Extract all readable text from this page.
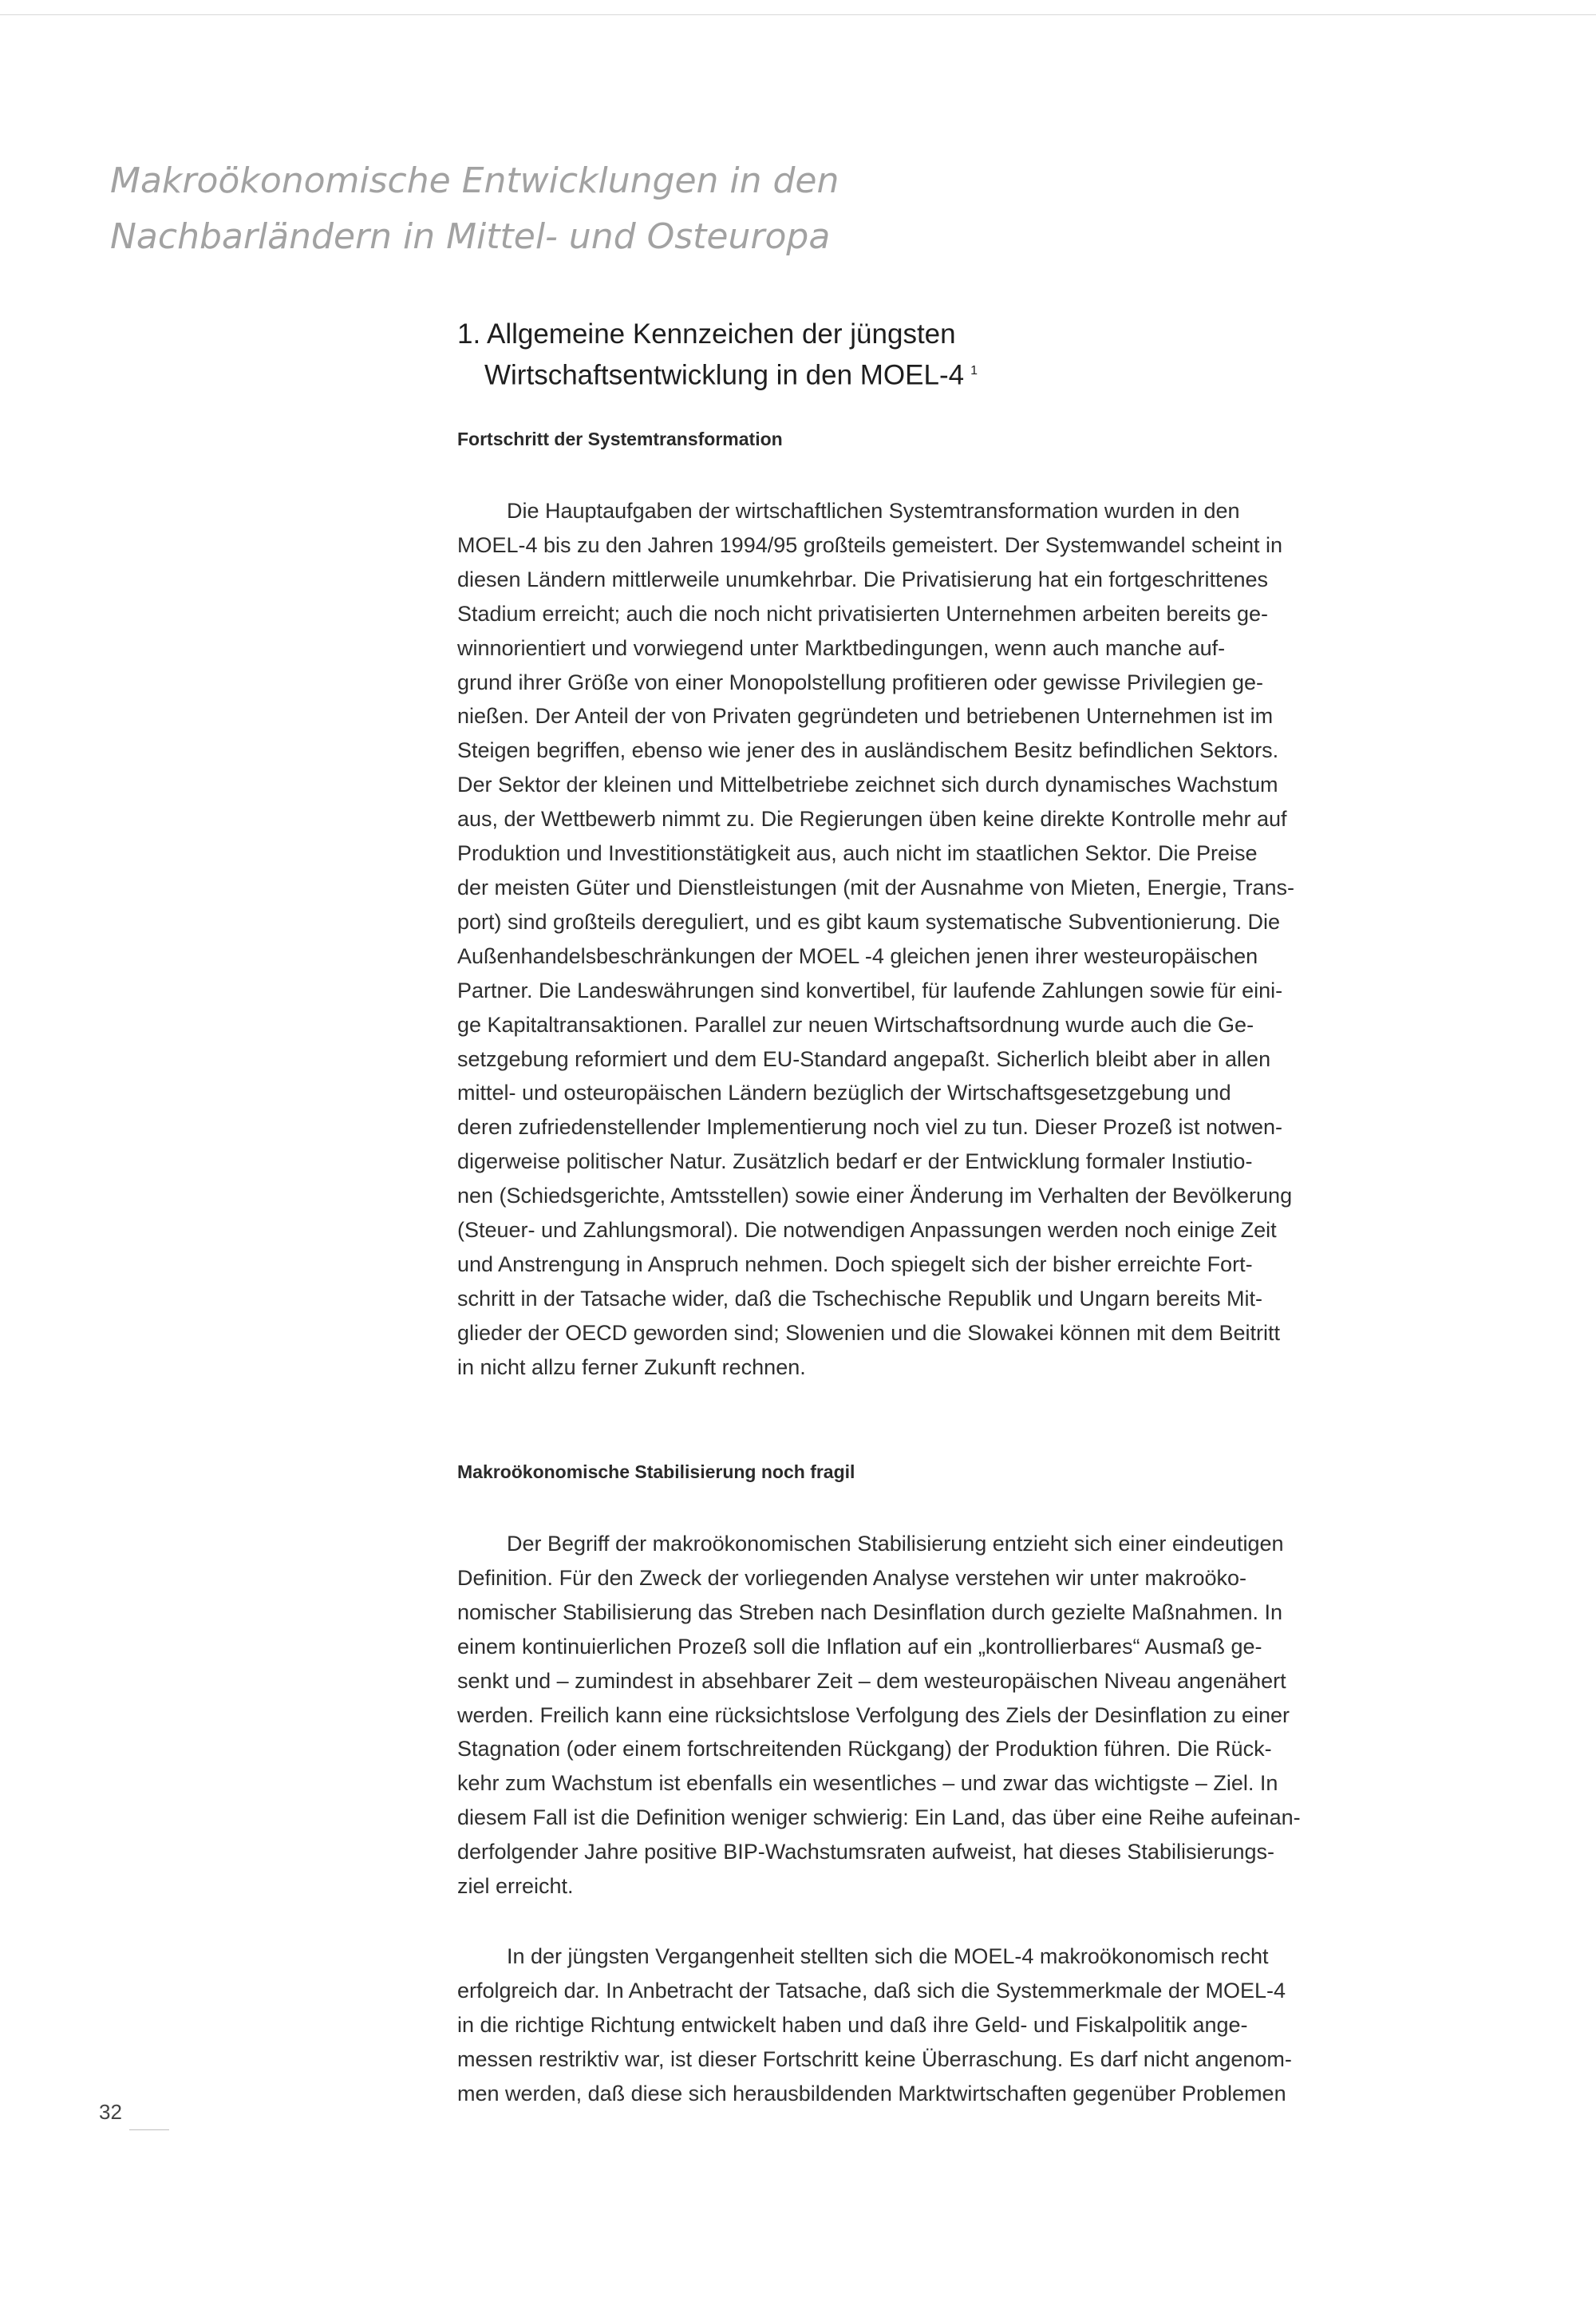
Makroökonomische Entwicklungen in den
Nachbarländern in Mittel- und Osteuropa
1. Allgemeine Kennzeichen der jüngsten
Wirtschaftsentwicklung in den MOEL-4 $^1$
Fortschritt der Systemtransformation
Die Hauptaufgaben der wirtschaftlichen Systemtransformation wurden in den
MOEL-4 bis zu den Jahren 1994/95 großteils gemeistert. Der Systemwandel scheint in
diesen Ländern mittlerweile unumkehrbar. Die Privatisierung hat ein fortgeschrittenes
Stadium erreicht; auch die noch nicht privatisierten Unternehmen arbeiten bereits ge-
winnorientiert und vorwiegend unter Marktbedingungen, wenn auch manche auf-
grund ihrer Größe von einer Monopolstellung profitieren oder gewisse Privilegien ge-
nießen. Der Anteil der von Privaten gegründeten und betriebenen Unternehmen ist im
Steigen begriffen, ebenso wie jener des in ausländischem Besitz befindlichen Sektors.
Der Sektor der kleinen und Mittelbetriebe zeichnet sich durch dynamisches Wachstum
aus, der Wettbewerb nimmt zu. Die Regierungen üben keine direkte Kontrolle mehr auf
Produktion und Investitionstätigkeit aus, auch nicht im staatlichen Sektor. Die Preise
der meisten Güter und Dienstleistungen (mit der Ausnahme von Mieten, Energie, Trans-
port) sind großteils dereguliert, und es gibt kaum systematische Subventionierung. Die
Außenhandelsbeschränkungen der MOEL -4 gleichen jenen ihrer westeuropäischen
Partner. Die Landeswährungen sind konvertibel, für laufende Zahlungen sowie für eini-
ge Kapitaltransaktionen. Parallel zur neuen Wirtschaftsordnung wurde auch die Ge-
setzgebung reformiert und dem EU-Standard angepaßt. Sicherlich bleibt aber in allen
mittel- und osteuropäischen Ländern bezüglich der Wirtschaftsgesetzgebung und
deren zufriedenstellender Implementierung noch viel zu tun. Dieser Prozeß ist notwen-
digerweise politischer Natur. Zusätzlich bedarf er der Entwicklung formaler Instiutio-
nen (Schiedsgerichte, Amtsstellen) sowie einer Änderung im Verhalten der Bevölkerung
(Steuer- und Zahlungsmoral). Die notwendigen Anpassungen werden noch einige Zeit
und Anstrengung in Anspruch nehmen. Doch spiegelt sich der bisher erreichte Fort-
schritt in der Tatsache wider, daß die Tschechische Republik und Ungarn bereits Mit-
glieder der OECD geworden sind; Slowenien und die Slowakei können mit dem Beitritt
in nicht allzu ferner Zukunft rechnen.
Makroökonomische Stabilisierung noch fragil
Der Begriff der makroökonomischen Stabilisierung entzieht sich einer eindeutigen
Definition. Für den Zweck der vorliegenden Analyse verstehen wir unter makroöko-
nomischer Stabilisierung das Streben nach Desinflation durch gezielte Maßnahmen. In
einem kontinuierlichen Prozeß soll die Inflation auf ein „kontrollierbares“ Ausmaß ge-
senkt und – zumindest in absehbarer Zeit – dem westeuropäischen Niveau angenähert
werden. Freilich kann eine rücksichtslose Verfolgung des Ziels der Desinflation zu einer
Stagnation (oder einem fortschreitenden Rückgang) der Produktion führen. Die Rück-
kehr zum Wachstum ist ebenfalls ein wesentliches – und zwar das wichtigste – Ziel. In
diesem Fall ist die Definition weniger schwierig: Ein Land, das über eine Reihe aufeinan-
derfolgender Jahre positive BIP-Wachstumsraten aufweist, hat dieses Stabilisierungs-
ziel erreicht.
In der jüngsten Vergangenheit stellten sich die MOEL-4 makroökonomisch recht
erfolgreich dar. In Anbetracht der Tatsache, daß sich die Systemmerkmale der MOEL-4
in die richtige Richtung entwickelt haben und daß ihre Geld- und Fiskalpolitik ange-
messen restriktiv war, ist dieser Fortschritt keine Überraschung. Es darf nicht angenom-
men werden, daß diese sich herausbildenden Marktwirtschaften gegenüber Problemen
32
